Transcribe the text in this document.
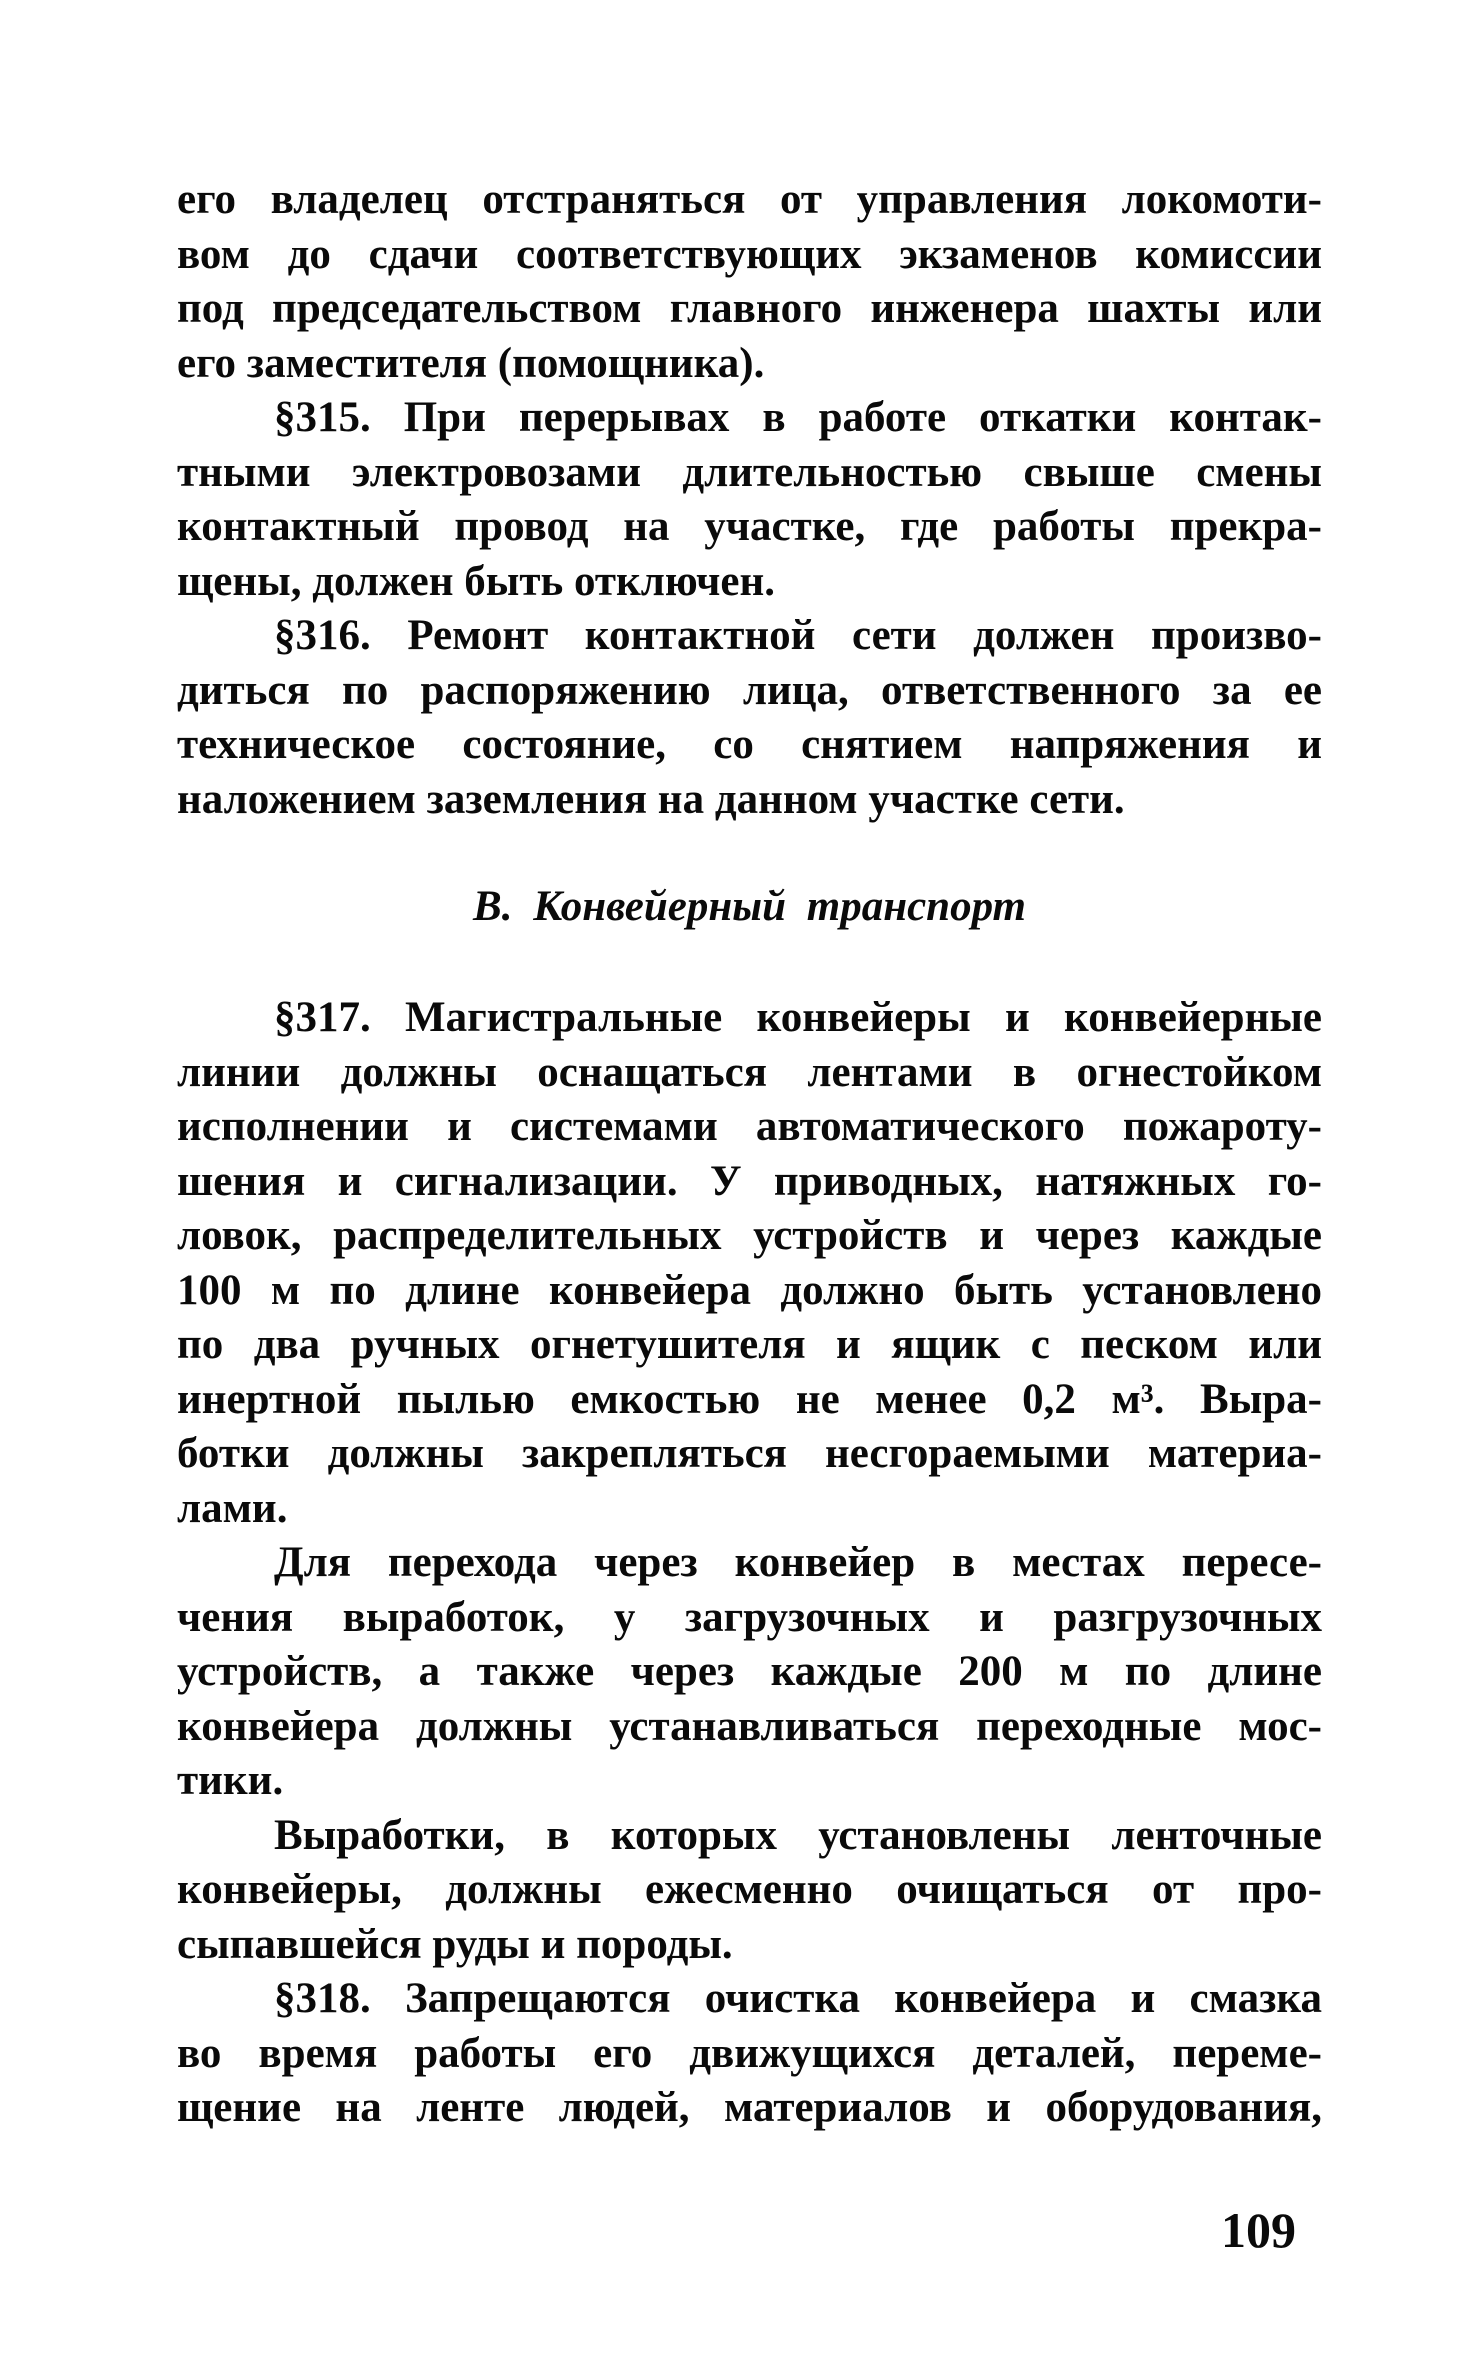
его владелец отстраняться от управления локомоти-
вом до сдачи соответствующих экзаменов комиссии
под председательством главного инженера шахты или
его заместителя (помощника).
§315. При перерывах в работе откатки контак-
тными электровозами длительностью свыше смены
контактный провод на участке, где работы прекра-
щены, должен быть отключен.
§316. Ремонт контактной сети должен произво-
диться по распоряжению лица, ответственного за ее
техническое состояние, со снятием напряжения и
наложением заземления на данном участке сети.
В. Конвейерный транспорт
§317. Магистральные конвейеры и конвейерные
линии должны оснащаться лентами в огнестойком
исполнении и системами автоматического пожароту-
шения и сигнализации. У приводных, натяжных го-
ловок, распределительных устройств и через каждые
100 м по длине конвейера должно быть установлено
по два ручных огнетушителя и ящик с песком или
инертной пылью емкостью не менее 0,2 м³. Выра-
ботки должны закрепляться несгораемыми материа-
лами.
Для перехода через конвейер в местах пересе-
чения выработок, у загрузочных и разгрузочных
устройств, а также через каждые 200 м по длине
конвейера должны устанавливаться переходные мос-
тики.
Выработки, в которых установлены ленточные
конвейеры, должны ежесменно очищаться от про-
сыпавшейся руды и породы.
§318. Запрещаются очистка конвейера и смазка
во время работы его движущихся деталей, переме-
щение на ленте людей, материалов и оборудования,
109
